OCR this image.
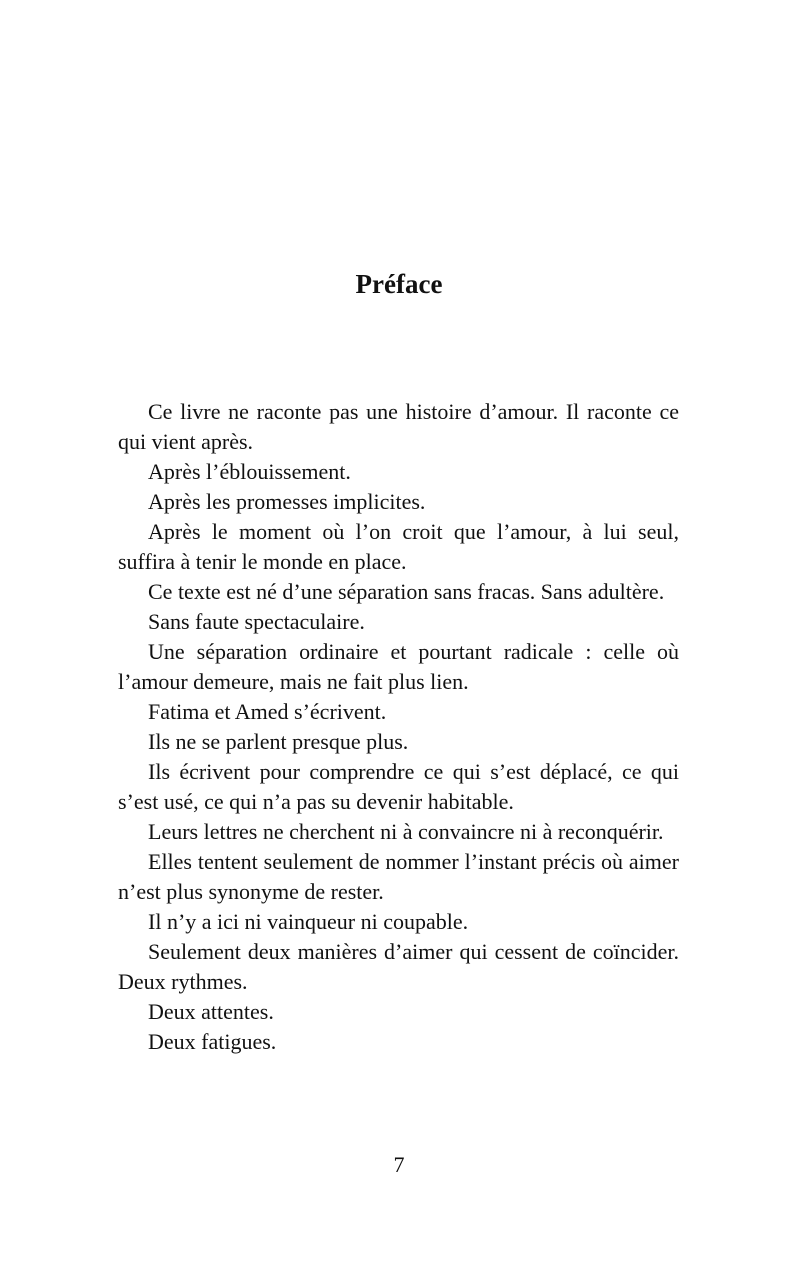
Préface

Ce livre ne raconte pas une histoire d’amour. Il raconte ce qui vient après.

Après l’éblouissement.

Après les promesses implicites.

Après le moment où l’on croit que l’amour, à lui seul, suffira à tenir le monde en place.

Ce texte est né d’une séparation sans fracas. Sans adultère.

Sans faute spectaculaire.

Une séparation ordinaire et pourtant radicale : celle où l’amour demeure, mais ne fait plus lien.

Fatima et Amed s’écrivent.

Ils ne se parlent presque plus.

Ils écrivent pour comprendre ce qui s’est déplacé, ce qui s’est usé, ce qui n’a pas su devenir habitable.

Leurs lettres ne cherchent ni à convaincre ni à reconquérir.

Elles tentent seulement de nommer l’instant précis où aimer n’est plus synonyme de rester.

Il n’y a ici ni vainqueur ni coupable.

Seulement deux manières d’aimer qui cessent de coïncider. Deux rythmes.

Deux attentes.

Deux fatigues.

7
